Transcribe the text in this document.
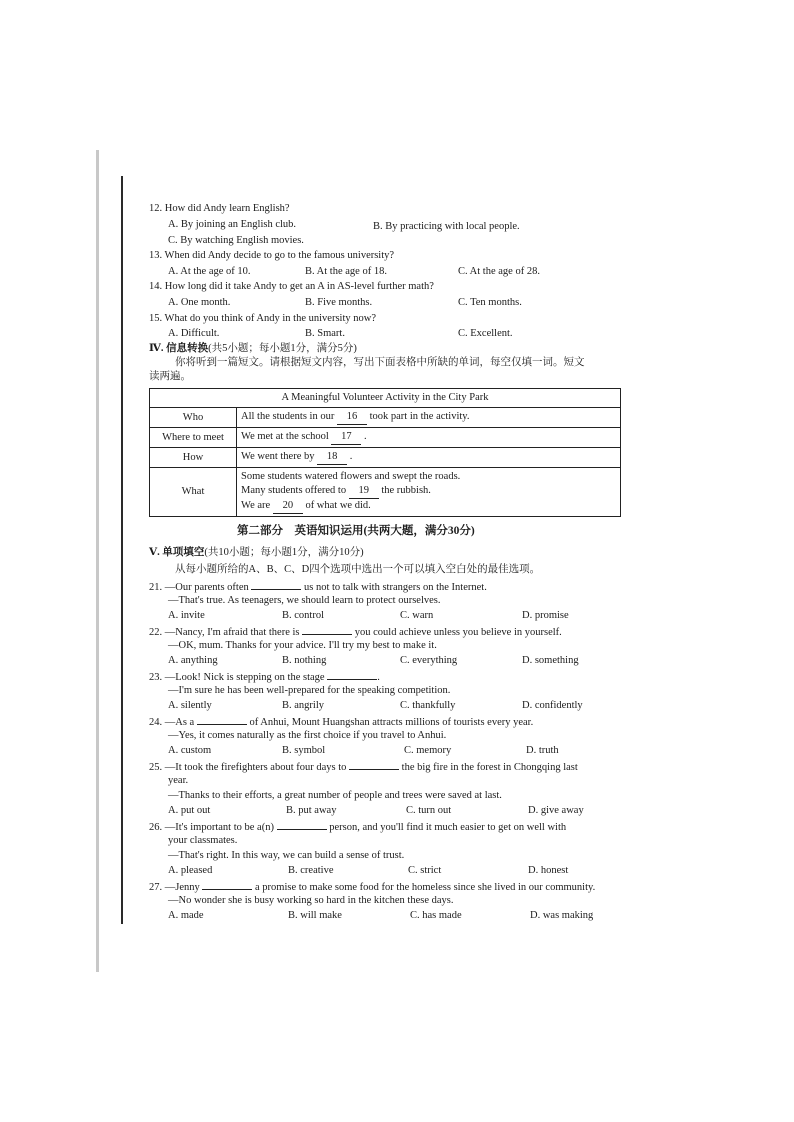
12. How did Andy learn English?
A. By joining an English club.	B. By practicing with local people.
C. By watching English movies.
13. When did Andy decide to go to the famous university?
A. At the age of 10.	B. At the age of 18.	C. At the age of 28.
14. How long did it take Andy to get an A in AS-level further math?
A. One month.	B. Five months.	C. Ten months.
15. What do you think of Andy in the university now?
A. Difficult.	B. Smart.	C. Excellent.
Ⅳ. 信息转换(共5小题；每小题1分，满分5分)
你将听到一篇短文。请根据短文内容，写出下面表格中所缺的单词，每空仅填一词。短文
读两遍。
A Meaningful Volunteer Activity in the City Park	
Who	All the students in our 16 took part in the activity.
Where to meet	We met at the school 17 .
How	We went there by 18 .
What	Some students watered flowers and swept the roads.
Many students offered to 19 the rubbish.
We are 20 of what we did.
第二部分　英语知识运用(共两大题，满分30分)
Ⅴ. 单项填空(共10小题；每小题1分，满分10分)
从每小题所给的A、B、C、D四个选项中选出一个可以填入空白处的最佳选项。
21. —Our parents often	us not to talk with strangers on the Internet.
—That's true. As teenagers, we should learn to protect ourselves.
A. invite	B. control	C. warn	D. promise
22. —Nancy, I'm afraid that there is	you could achieve unless you believe in yourself.
—OK, mum. Thanks for your advice. I'll try my best to make it.
A. anything	B. nothing	C. everything	D. something
23. —Look! Nick is stepping on the stage	.
—I'm sure he has been well-prepared for the speaking competition.
A. silently	B. angrily	C. thankfully	D. confidently
24. —As a	of Anhui, Mount Huangshan attracts millions of tourists every year.
—Yes, it comes naturally as the first choice if you travel to Anhui.
A. custom	B. symbol	C. memory	D. truth
25. —It took the firefighters about four days to	the big fire in the forest in Chongqing last
year.
—Thanks to their efforts, a great number of people and trees were saved at last.
A. put out	B. put away	C. turn out	D. give away
26. —It's important to be a(n)	person, and you'll find it much easier to get on well with
your classmates.
—That's right. In this way, we can build a sense of trust.
A. pleased	B. creative	C. strict	D. honest
27. —Jenny	a promise to make some food for the homeless since she lived in our community.
—No wonder she is busy working so hard in the kitchen these days.
A. made	B. will make	C. has made	D. was making
